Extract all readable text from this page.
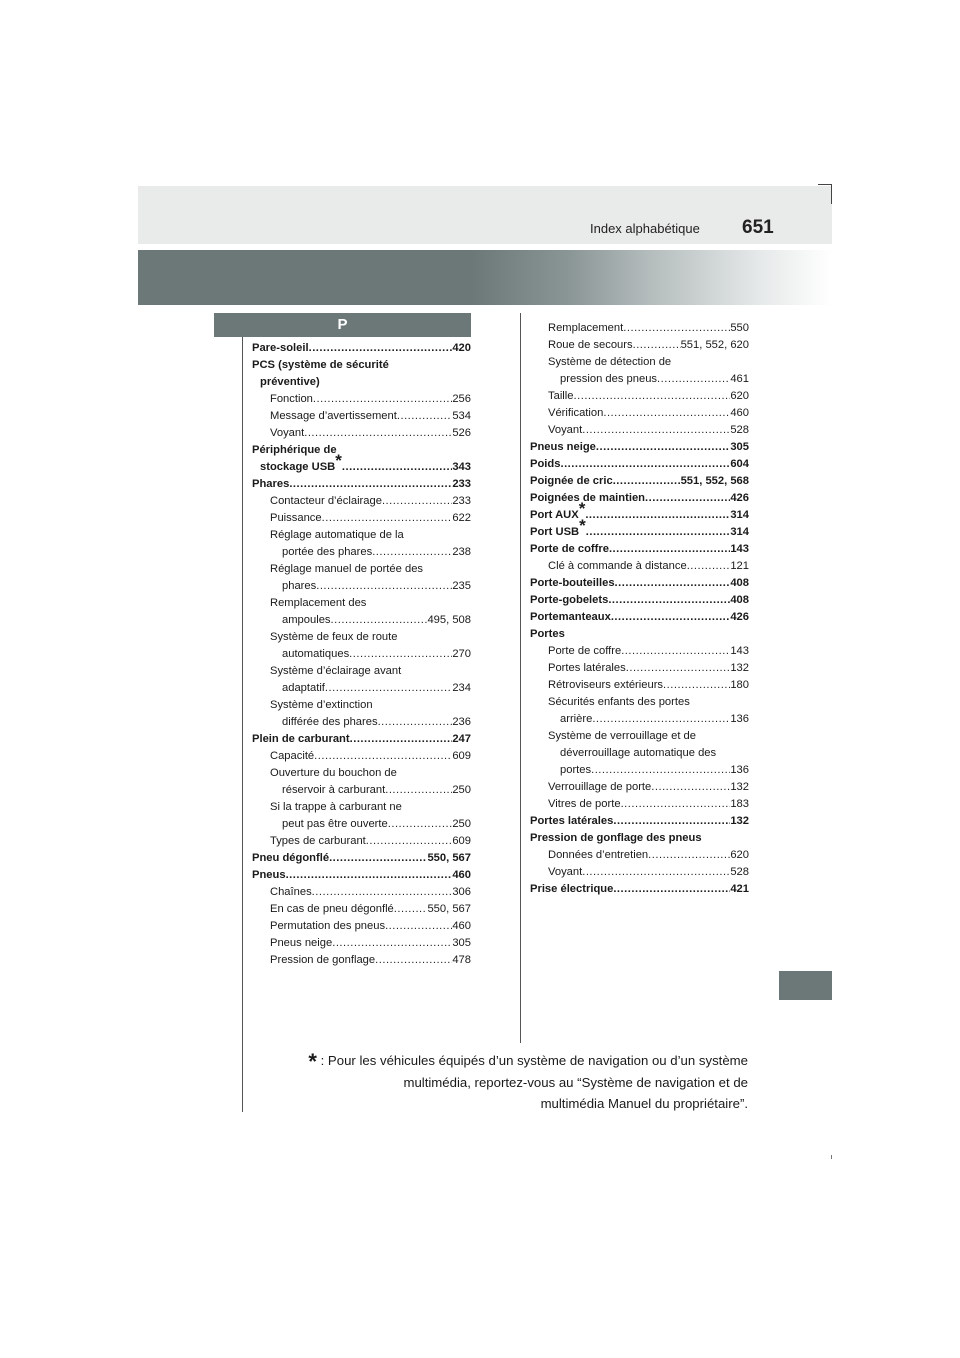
Index alphabétique 651
P
Pare-soleil .....	420
PCS (système de sécurité
préventive)
Fonction .....	256
Message d’avertissement .....	534
Voyant .....	526
Périphérique de
stockage USB* .....	343
Phares .....	233
Contacteur d’éclairage .....	233
Puissance .....	622
Réglage automatique de la
portée des phares .....	238
Réglage manuel de portée des
phares .....	235
Remplacement des
ampoules .....	495, 508
Système de feux de route
automatiques .....	270
Système d’éclairage avant
adaptatif .....	234
Système d’extinction
différée des phares .....	236
Plein de carburant .....	247
Capacité .....	609
Ouverture du bouchon de
réservoir à carburant .....	250
Si la trappe à carburant ne
peut pas être ouverte .....	250
Types de carburant .....	609
Pneu dégonflé .....	550, 567
Pneus .....	460
Chaînes .....	306
En cas de pneu dégonflé .....	550, 567
Permutation des pneus .....	460
Pneus neige .....	305
Pression de gonflage .....	478
Remplacement .....	550
Roue de secours .....	551, 552, 620
Système de détection de
pression des pneus .....	461
Taille .....	620
Vérification .....	460
Voyant .....	528
Pneus neige .....	305
Poids .....	604
Poignée de cric .....	551, 552, 568
Poignées de maintien .....	426
Port AUX* .....	314
Port USB* .....	314
Porte de coffre .....	143
Clé à commande à distance .....	121
Porte-bouteilles .....	408
Porte-gobelets .....	408
Portemanteaux .....	426
Portes
Porte de coffre .....	143
Portes latérales .....	132
Rétroviseurs extérieurs .....	180
Sécurités enfants des portes
arrière .....	136
Système de verrouillage et de
déverrouillage automatique des
portes .....	136
Verrouillage de porte .....	132
Vitres de porte .....	183
Portes latérales .....	132
Pression de gonflage des pneus
Données d’entretien .....	620
Voyant .....	528
Prise électrique .....	421
* : Pour les véhicules équipés d’un système de navigation ou d’un système
multimédia, reportez-vous au “Système de navigation et de
multimédia Manuel du propriétaire”.
